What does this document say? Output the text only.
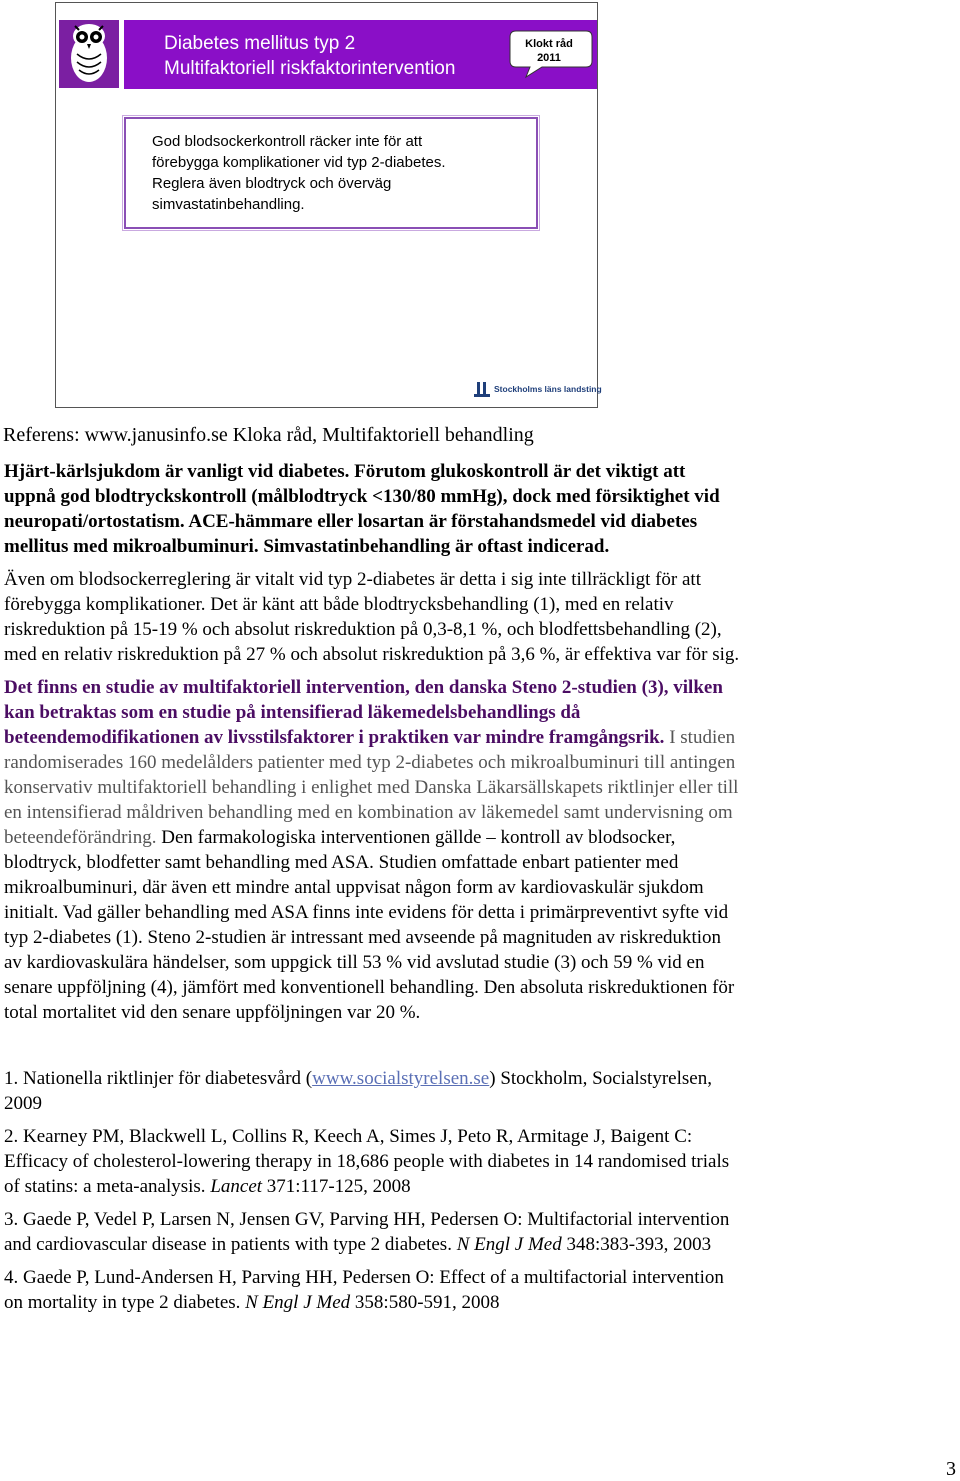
Diabetes mellitus typ 2
Multifaktoriell riskfaktorintervention
Klokt råd
2011
God blodsockerkontroll räcker inte för att
förebygga komplikationer vid typ 2-diabetes.
Reglera även blodtryck och överväg
simvastatinbehandling.
Stockholms läns landsting
Referens: www.janusinfo.se Kloka råd, Multifaktoriell behandling
Hjärt-kärlsjukdom är vanligt vid diabetes. Förutom glukoskontroll är det viktigt att
uppnå god blodtryckskontroll (målblodtryck <130/80 mmHg), dock med försiktighet vid
neuropati/ortostatism. ACE-hämmare eller losartan är förstahandsmedel vid diabetes
mellitus med mikroalbuminuri. Simvastatinbehandling är oftast indicerad.
Även om blodsockerreglering är vitalt vid typ 2-diabetes är detta i sig inte tillräckligt för att
förebygga komplikationer. Det är känt att både blodtrycksbehandling (1), med en relativ
riskreduktion på 15-19 % och absolut riskreduktion på 0,3-8,1 %, och blodfettsbehandling (2),
med en relativ riskreduktion på 27 % och absolut riskreduktion på 3,6 %, är effektiva var för sig.
Det finns en studie av multifaktoriell intervention, den danska Steno 2-studien (3), vilken
kan betraktas som en studie på intensifierad läkemedelsbehandlings då
beteendemodifikationen av livsstilsfaktorer i praktiken var mindre framgångsrik. I studien
randomiserades 160 medelålders patienter med typ 2-diabetes och mikroalbuminuri till antingen
konservativ multifaktoriell behandling i enlighet med Danska Läkarsällskapets riktlinjer eller till
en intensifierad måldriven behandling med en kombination av läkemedel samt undervisning om
beteendeförändring. Den farmakologiska interventionen gällde – kontroll av blodsocker,
blodtryck, blodfetter samt behandling med ASA. Studien omfattade enbart patienter med
mikroalbuminuri, där även ett mindre antal uppvisat någon form av kardiovaskulär sjukdom
initialt. Vad gäller behandling med ASA finns inte evidens för detta i primärpreventivt syfte vid
typ 2-diabetes (1). Steno 2-studien är intressant med avseende på magnituden av riskreduktion
av kardiovaskulära händelser, som uppgick till 53 % vid avslutad studie (3) och 59 % vid en
senare uppföljning (4), jämfört med konventionell behandling. Den absoluta riskreduktionen för
total mortalitet vid den senare uppföljningen var 20 %.
1. Nationella riktlinjer för diabetesvård (www.socialstyrelsen.se) Stockholm, Socialstyrelsen,
2009
2. Kearney PM, Blackwell L, Collins R, Keech A, Simes J, Peto R, Armitage J, Baigent C:
Efficacy of cholesterol-lowering therapy in 18,686 people with diabetes in 14 randomised trials
of statins: a meta-analysis. Lancet 371:117-125, 2008
3. Gaede P, Vedel P, Larsen N, Jensen GV, Parving HH, Pedersen O: Multifactorial intervention
and cardiovascular disease in patients with type 2 diabetes. N Engl J Med 348:383-393, 2003
4. Gaede P, Lund-Andersen H, Parving HH, Pedersen O: Effect of a multifactorial intervention
on mortality in type 2 diabetes. N Engl J Med 358:580-591, 2008
3
